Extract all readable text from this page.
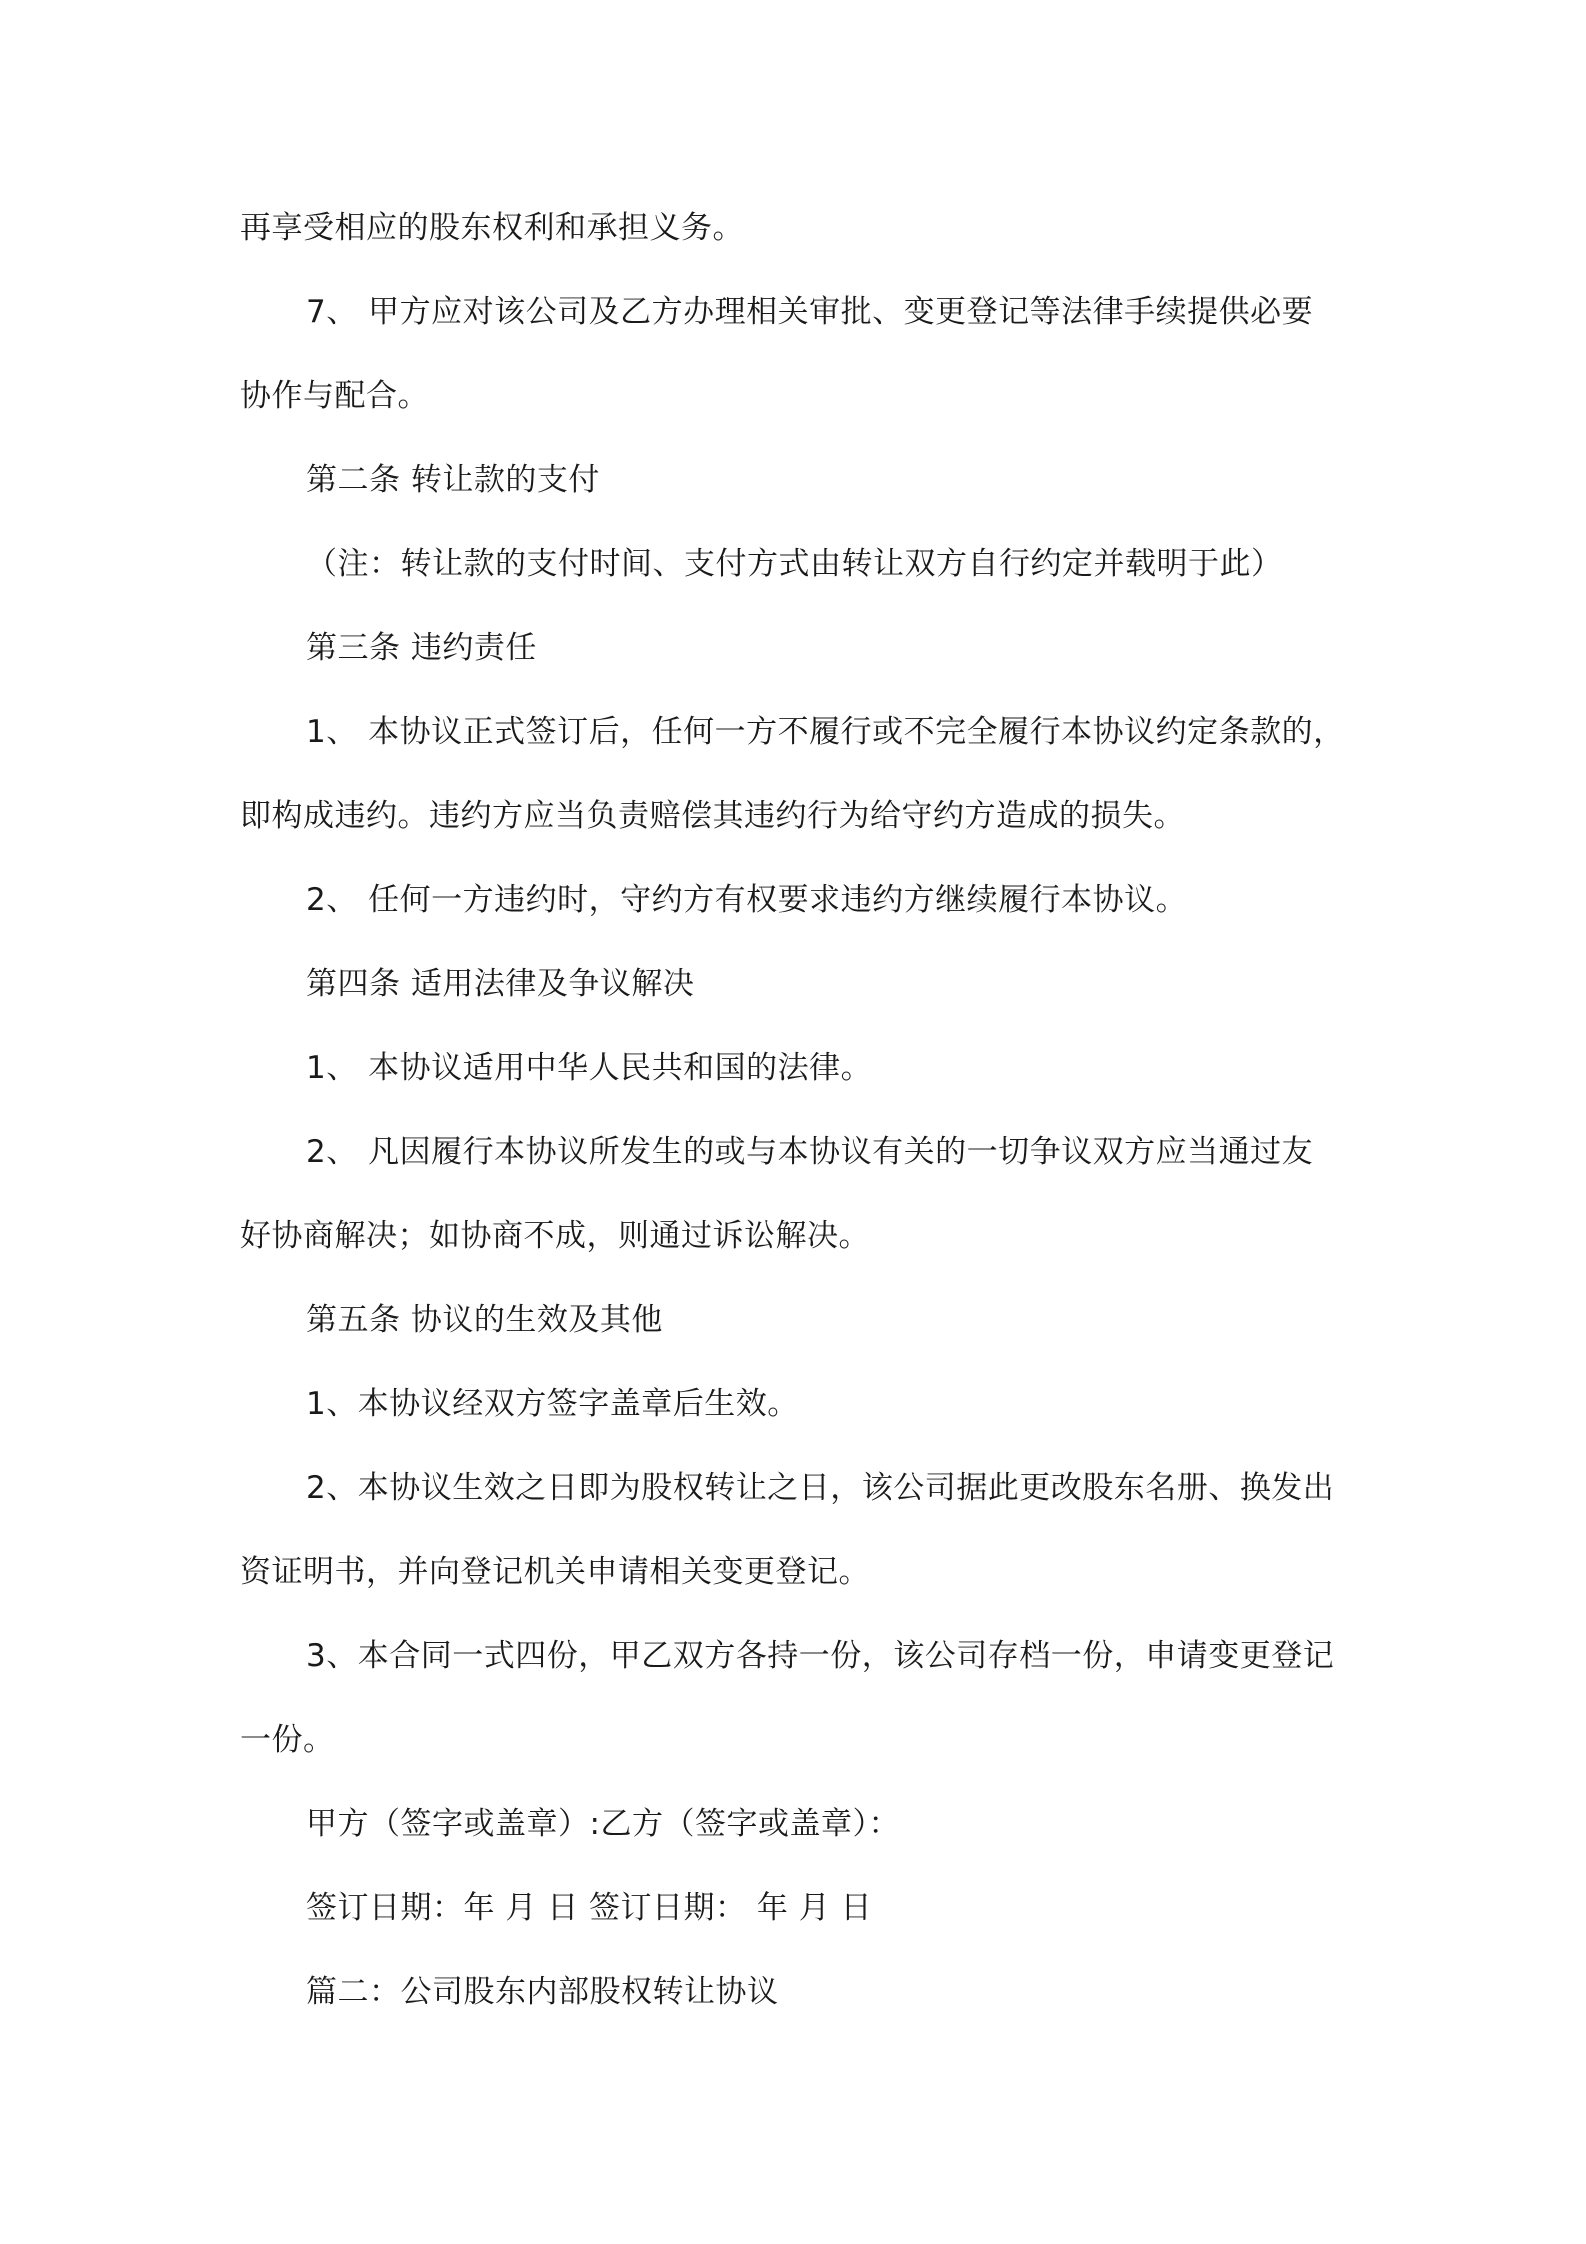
再享受相应的股东权利和承担义务。
7、 甲方应对该公司及乙方办理相关审批、变更登记等法律手续提供必要
协作与配合。
第二条 转让款的支付
（注：转让款的支付时间、支付方式由转让双方自行约定并载明于此）
第三条 违约责任
1、 本协议正式签订后，任何一方不履行或不完全履行本协议约定条款的，
即构成违约。违约方应当负责赔偿其违约行为给守约方造成的损失。
2、 任何一方违约时，守约方有权要求违约方继续履行本协议。
第四条 适用法律及争议解决
1、 本协议适用中华人民共和国的法律。
2、 凡因履行本协议所发生的或与本协议有关的一切争议双方应当通过友
好协商解决；如协商不成，则通过诉讼解决。
第五条 协议的生效及其他
1、本协议经双方签字盖章后生效。
2、本协议生效之日即为股权转让之日，该公司据此更改股东名册、换发出
资证明书，并向登记机关申请相关变更登记。
3、本合同一式四份，甲乙双方各持一份，该公司存档一份，申请变更登记
一份。
甲方（签字或盖章）:乙方（签字或盖章）：
签订日期：年 月 日 签订日期： 年 月 日
篇二：公司股东内部股权转让协议
